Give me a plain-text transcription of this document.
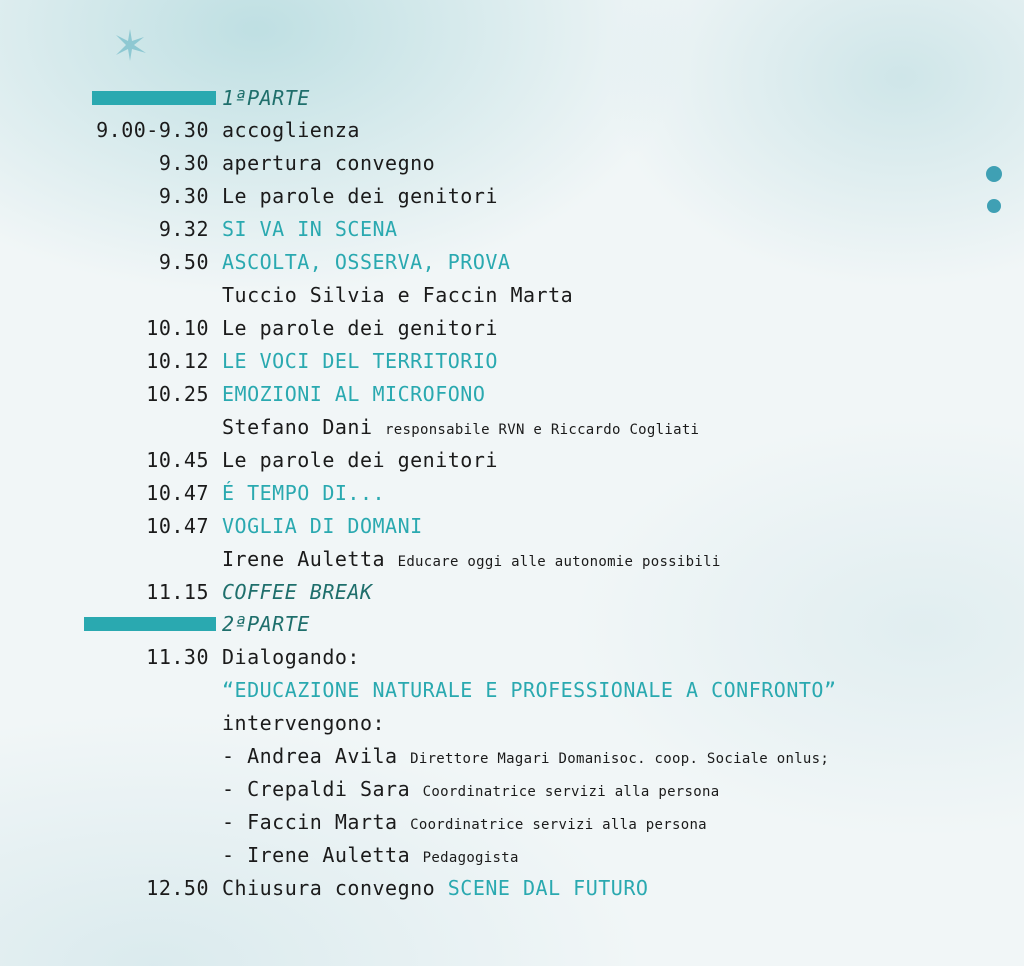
1ªPARTE
9.00-9.30 accoglienza
9.30 apertura convegno
9.30 Le parole dei genitori
9.32 SI VA IN SCENA
9.50 ASCOLTA, OSSERVA, PROVA
Tuccio Silvia e Faccin Marta
10.10 Le parole dei genitori
10.12 LE VOCI DEL TERRITORIO
10.25 EMOZIONI AL MICROFONO
Stefano Dani responsabile RVN e Riccardo Cogliati
10.45 Le parole dei genitori
10.47 É TEMPO DI...
10.47 VOGLIA DI DOMANI
Irene Auletta Educare oggi alle autonomie possibili
11.15 COFFEE BREAK
2ªPARTE
11.30 Dialogando:
“EDUCAZIONE NATURALE E PROFESSIONALE A CONFRONTO”
intervengono:
- Andrea Avila Direttore Magari Domanisoc. coop. Sociale onlus;
- Crepaldi Sara Coordinatrice servizi alla persona
- Faccin Marta Coordinatrice servizi alla persona
- Irene Auletta Pedagogista
12.50 Chiusura convegno SCENE DAL FUTURO
